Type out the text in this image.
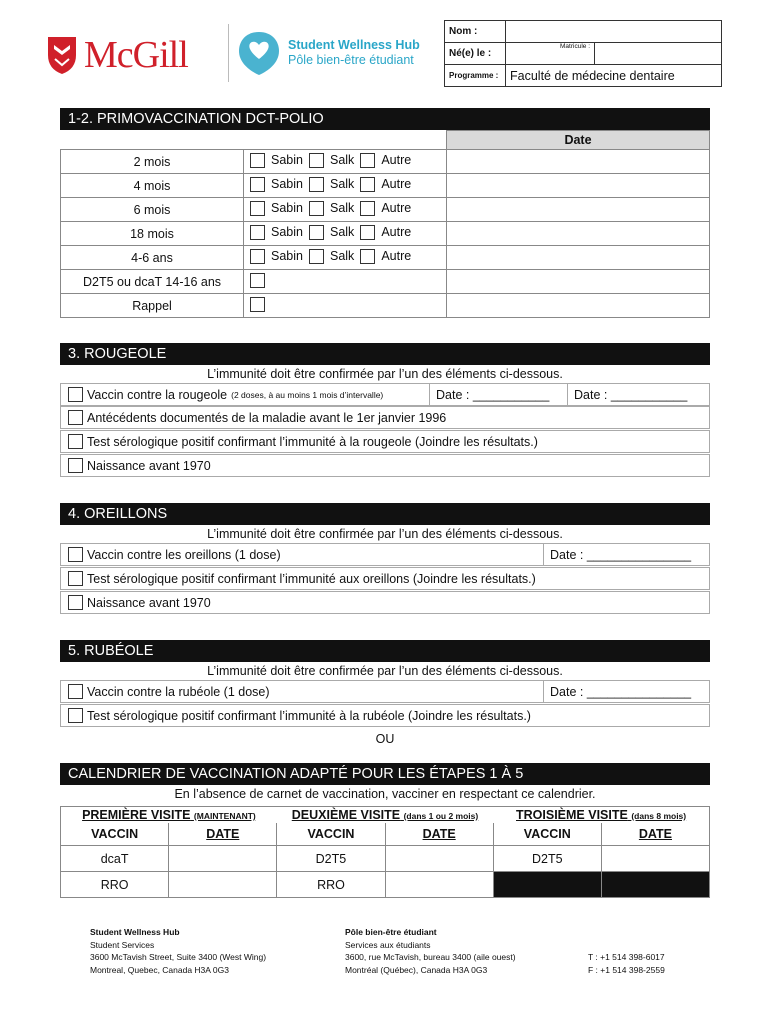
McGill	Student Wellness Hub
Pôle bien-être étudiant
Nom :		
Né(e) le :	Matricule :	
Programme :	Faculté de médecine dentaire	
1-2. PRIMOVACCINATION DCT-POLIO
		Date
2 mois	Sabin Salk Autre	

4 mois	Sabin Salk Autre	

6 mois	Sabin Salk Autre	

18 mois	Sabin Salk Autre	

4-6 ans	Sabin Salk Autre	

D2T5 ou dcaT 14-16 ans	

Rappel	

3. ROUGEOLE
L’immunité doit être confirmée par l’un des éléments ci-dessous.
Vaccin contre la rougeole (2 doses, à au moins 1 mois d’intervalle)	Date : ___________	Date : ___________
Antécédents documentés de la maladie avant le 1er janvier 1996
Test sérologique positif confirmant l’immunité à la rougeole (Joindre les résultats.)
Naissance avant 1970
4. OREILLONS
L’immunité doit être confirmée par l’un des éléments ci-dessous.
Vaccin contre les oreillons (1 dose)	Date : _______________
Test sérologique positif confirmant l’immunité aux oreillons (Joindre les résultats.)
Naissance avant 1970
5. RUBÉOLE
L’immunité doit être confirmée par l’un des éléments ci-dessous.
Vaccin contre la rubéole (1 dose)	Date : _______________
Test sérologique positif confirmant l’immunité à la rubéole (Joindre les résultats.)
OU
CALENDRIER DE VACCINATION ADAPTÉ POUR LES ÉTAPES 1 À 5
En l’absence de carnet de vaccination, vacciner en respectant ce calendrier.
PREMIÈRE VISITE (MAINTENANT)		DEUXIÈME VISITE (dans 1 ou 2 mois)		TROISIÈME VISITE (dans 8 mois)	
VACCIN	DATE	VACCIN	DATE	VACCIN	DATE
dcaT		D2T5		D2T5	
RRO		RRO			
Student Wellness Hub
Student Services
3600 McTavish Street, Suite 3400 (West Wing)
Montreal, Quebec, Canada H3A 0G3
Pôle bien-être étudiant
Services aux étudiants
3600, rue McTavish, bureau 3400 (aile ouest)
Montréal (Québec), Canada H3A 0G3
T : +1 514 398-6017
F : +1 514 398-2559
